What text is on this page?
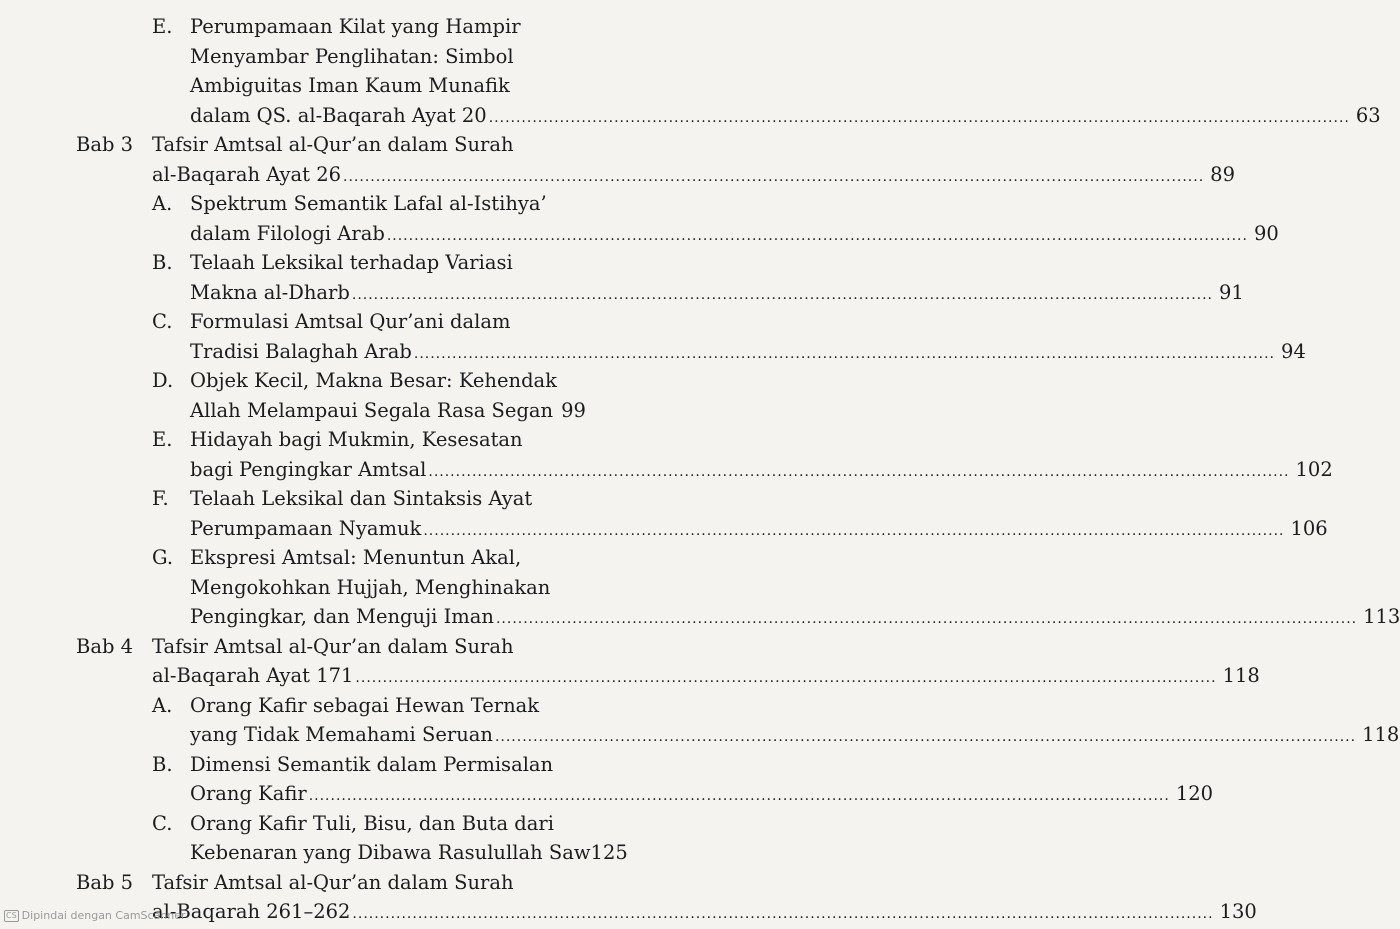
E. Perumpamaan Kilat yang Hampir
Menyambar Penglihatan: Simbol
Ambiguitas Iman Kaum Munafik
dalam QS. al-Baqarah Ayat 20 .....	63
Bab 3 Tafsir Amtsal al-Qur’an dalam Surah
al-Baqarah Ayat 26 .....	89
A. Spektrum Semantik Lafal al-Istihya’
dalam Filologi Arab .....	90
B. Telaah Leksikal terhadap Variasi
Makna al-Dharb .....	91
C. Formulasi Amtsal Qur’ani dalam
Tradisi Balaghah Arab .....	94
D. Objek Kecil, Makna Besar: Kehendak
Allah Melampaui Segala Rasa Segan 99
E. Hidayah bagi Mukmin, Kesesatan
bagi Pengingkar Amtsal .....	102
F. Telaah Leksikal dan Sintaksis Ayat
Perumpamaan Nyamuk .....	106
G. Ekspresi Amtsal: Menuntun Akal,
Mengokohkan Hujjah, Menghinakan
Pengingkar, dan Menguji Iman .....	113
Bab 4 Tafsir Amtsal al-Qur’an dalam Surah
al-Baqarah Ayat 171 .....	118
A. Orang Kafir sebagai Hewan Ternak
yang Tidak Memahami Seruan .....	118
B. Dimensi Semantik dalam Permisalan
Orang Kafir .....	120
C. Orang Kafir Tuli, Bisu, dan Buta dari
Kebenaran yang Dibawa Rasulullah Saw 125
Bab 5 Tafsir Amtsal al-Qur’an dalam Surah
al-Baqarah 261–262 .....	130
CS Dipindai dengan CamScanner
